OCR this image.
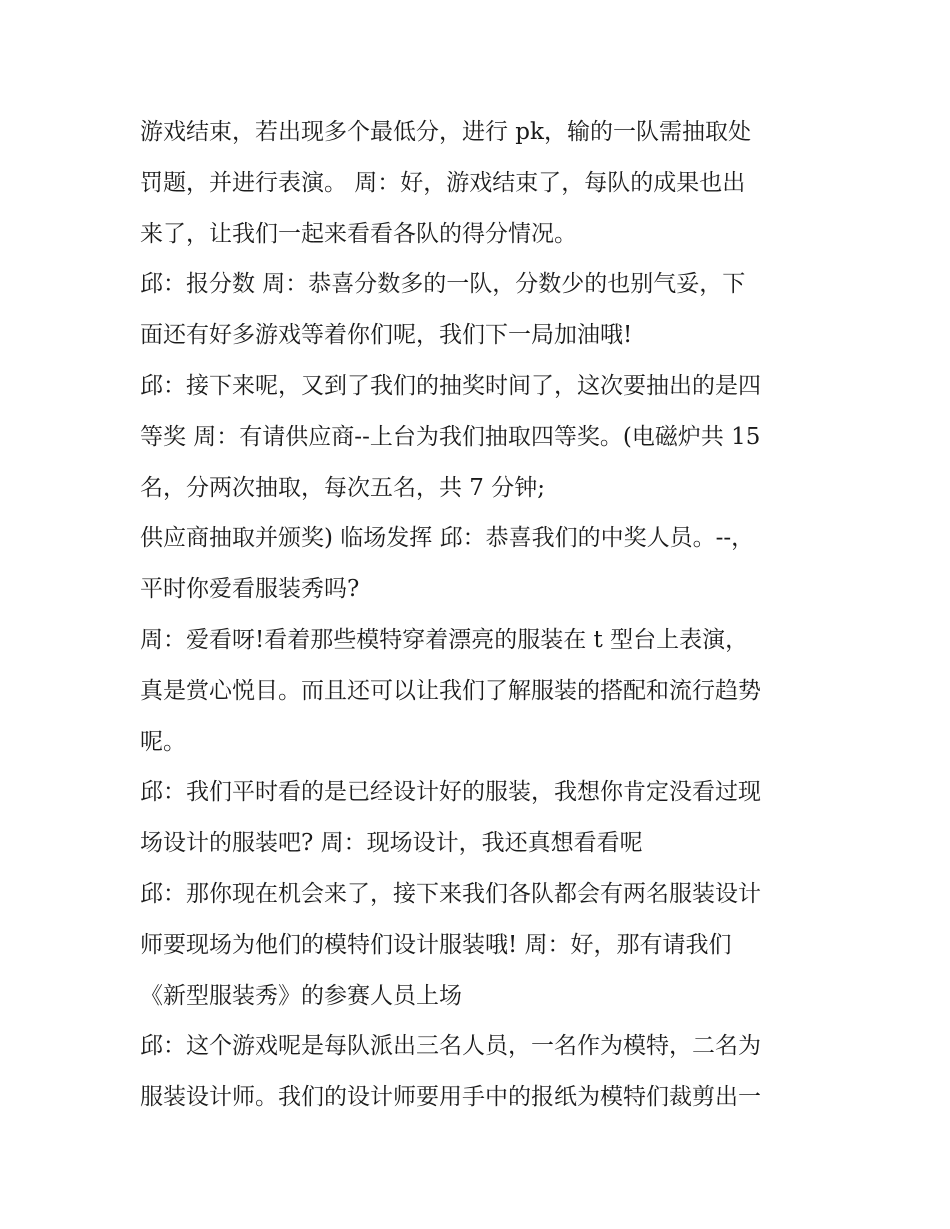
游戏结束，若出现多个最低分，进行 pk，输的一队需抽取处
罚题，并进行表演。 周：好，游戏结束了，每队的成果也出
来了，让我们一起来看看各队的得分情况。
邱：报分数 周：恭喜分数多的一队，分数少的也别气妥，下
面还有好多游戏等着你们呢，我们下一局加油哦!
邱：接下来呢，又到了我们的抽奖时间了，这次要抽出的是四
等奖 周：有请供应商--上台为我们抽取四等奖。(电磁炉共 15
名，分两次抽取，每次五名，共 7 分钟;
供应商抽取并颁奖) 临场发挥 邱：恭喜我们的中奖人员。--，
平时你爱看服装秀吗?
周：爱看呀!看着那些模特穿着漂亮的服装在 t 型台上表演，
真是赏心悦目。而且还可以让我们了解服装的搭配和流行趋势
呢。
邱：我们平时看的是已经设计好的服装，我想你肯定没看过现
场设计的服装吧? 周：现场设计，我还真想看看呢
邱：那你现在机会来了，接下来我们各队都会有两名服装设计
师要现场为他们的模特们设计服装哦! 周：好，那有请我们
《新型服装秀》的参赛人员上场
邱：这个游戏呢是每队派出三名人员，一名作为模特，二名为
服装设计师。我们的设计师要用手中的报纸为模特们裁剪出一
